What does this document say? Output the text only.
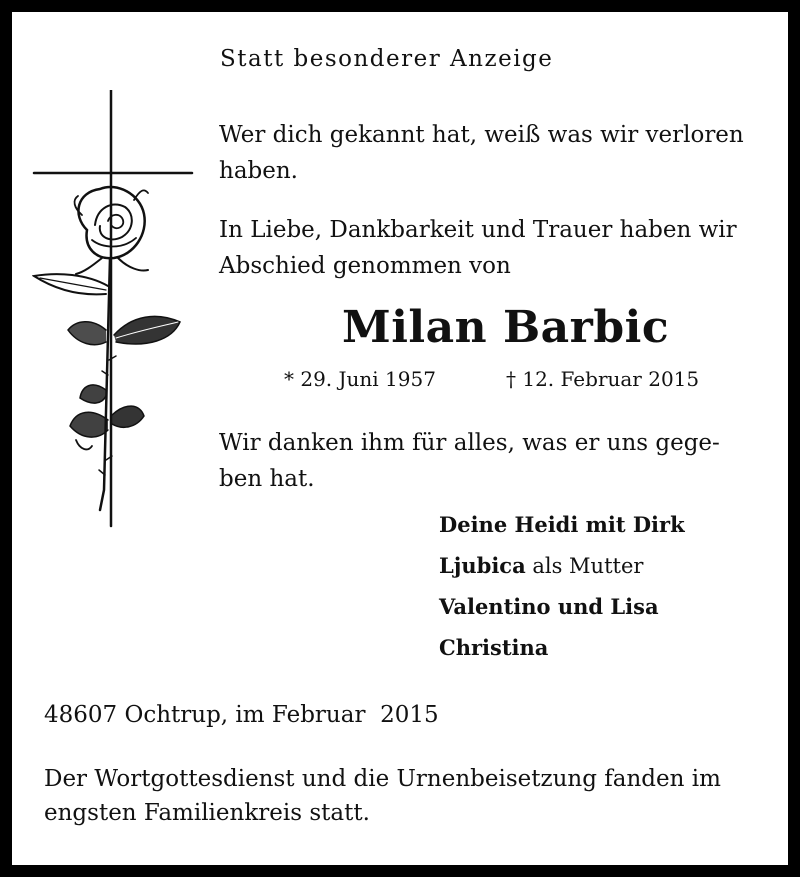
Statt besonderer Anzeige

Wer dich gekannt hat, weiß was wir verloren
haben.
In Liebe, Dankbarkeit und Trauer haben wir
Abschied genommen von

Milan Barbic

* 29. Juni 1957	† 12. Februar 2015

Wir danken ihm für alles, was er uns gege-
ben hat.

Deine Heidi mit Dirk

Ljubica als Mutter

Valentino und Lisa

Christina

48607 Ochtrup, im Februar  2015

Der Wortgottesdienst und die Urnenbeisetzung fanden im
engsten Familienkreis statt.
